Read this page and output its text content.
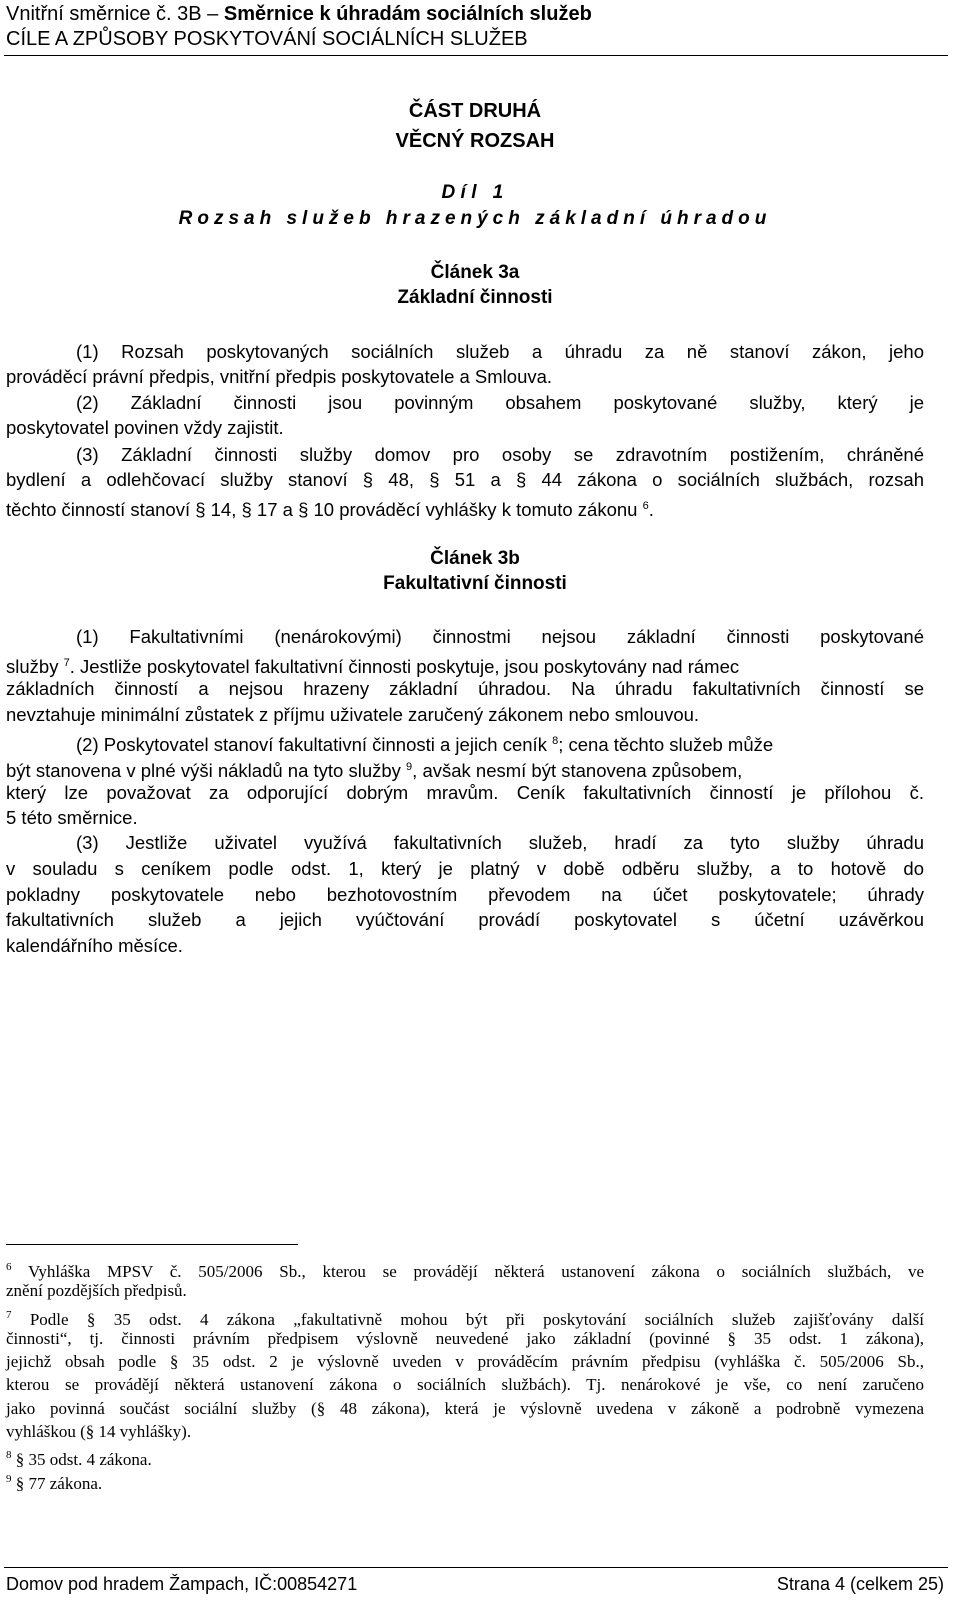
Vnitřní směrnice č. 3B – Směrnice k úhradám sociálních služeb
CÍLE A ZPŮSOBY POSKYTOVÁNÍ SOCIÁLNÍCH SLUŽEB
ČÁST DRUHÁ
VĚCNÝ ROZSAH
Díl 1
Rozsah služeb hrazených základní úhradou
Článek 3a
Základní činnosti
(1) Rozsah poskytovaných sociálních služeb a úhradu za ně stanoví zákon, jeho
prováděcí právní předpis, vnitřní předpis poskytovatele a Smlouva.
(2) Základní činnosti jsou povinným obsahem poskytované služby, který je
poskytovatel povinen vždy zajistit.
(3) Základní činnosti služby domov pro osoby se zdravotním postižením, chráněné
bydlení a odlehčovací služby stanoví § 48, § 51 a § 44 zákona o sociálních službách, rozsah
těchto činností stanoví § 14, § 17 a § 10 prováděcí vyhlášky k tomuto zákonu $^6$.
Článek 3b
Fakultativní činnosti
(1) Fakultativními (nenárokovými) činnostmi nejsou základní činnosti poskytované
služby $^7$. Jestliže poskytovatel fakultativní činnosti poskytuje, jsou poskytovány nad rámec
základních činností a nejsou hrazeny základní úhradou. Na úhradu fakultativních činností se
nevztahuje minimální zůstatek z příjmu uživatele zaručený zákonem nebo smlouvou.
(2) Poskytovatel stanoví fakultativní činnosti a jejich ceník $^8$; cena těchto služeb může
být stanovena v plné výši nákladů na tyto služby $^9$, avšak nesmí být stanovena způsobem,
který lze považovat za odporující dobrým mravům. Ceník fakultativních činností je přílohou č.
5 této směrnice.
(3) Jestliže uživatel využívá fakultativních služeb, hradí za tyto služby úhradu
v souladu s ceníkem podle odst. 1, který je platný v době odběru služby, a to hotově do
pokladny poskytovatele nebo bezhotovostním převodem na účet poskytovatele; úhrady
fakultativních služeb a jejich vyúčtování provádí poskytovatel s účetní uzávěrkou
kalendářního měsíce.
$^6$ Vyhláška MPSV č. 505/2006 Sb., kterou se provádějí některá ustanovení zákona o sociálních službách, ve
znění pozdějších předpisů.
$^7$ Podle § 35 odst. 4 zákona „fakultativně mohou být při poskytování sociálních služeb zajišťovány další
činnosti“, tj. činnosti právním předpisem výslovně neuvedené jako základní (povinné § 35 odst. 1 zákona),
jejichž obsah podle § 35 odst. 2 je výslovně uveden v prováděcím právním předpisu (vyhláška č. 505/2006 Sb.,
kterou se provádějí některá ustanovení zákona o sociálních službách). Tj. nenárokové je vše, co není zaručeno
jako povinná součást sociální služby (§ 48 zákona), která je výslovně uvedena v zákoně a podrobně vymezena
vyhláškou (§ 14 vyhlášky).
$^8$ § 35 odst. 4 zákona.
$^9$ § 77 zákona.
Domov pod hradem Žampach, IČ:00854271	Strana 4 (celkem 25)
